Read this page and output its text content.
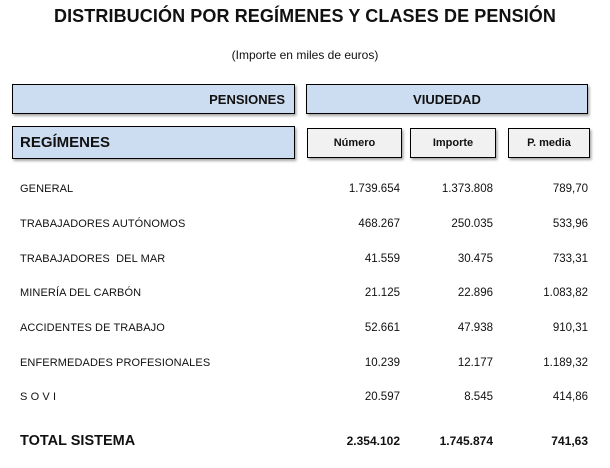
DISTRIBUCIÓN POR REGÍMENES Y CLASES DE PENSIÓN
(Importe en miles de euros)
PENSIONES	VIUDEDAD
REGÍMENES	Número	Importe	P. media
GENERAL	1.739.654	1.373.808	789,70
TRABAJADORES AUTÓNOMOS	468.267	250.035	533,96
TRABAJADORES  DEL MAR	41.559	30.475	733,31
MINERÍA DEL CARBÓN	21.125	22.896	1.083,82
ACCIDENTES DE TRABAJO	52.661	47.938	910,31
ENFERMEDADES PROFESIONALES	10.239	12.177	1.189,32
S O V I	20.597	8.545	414,86
TOTAL SISTEMA	2.354.102	1.745.874	741,63
